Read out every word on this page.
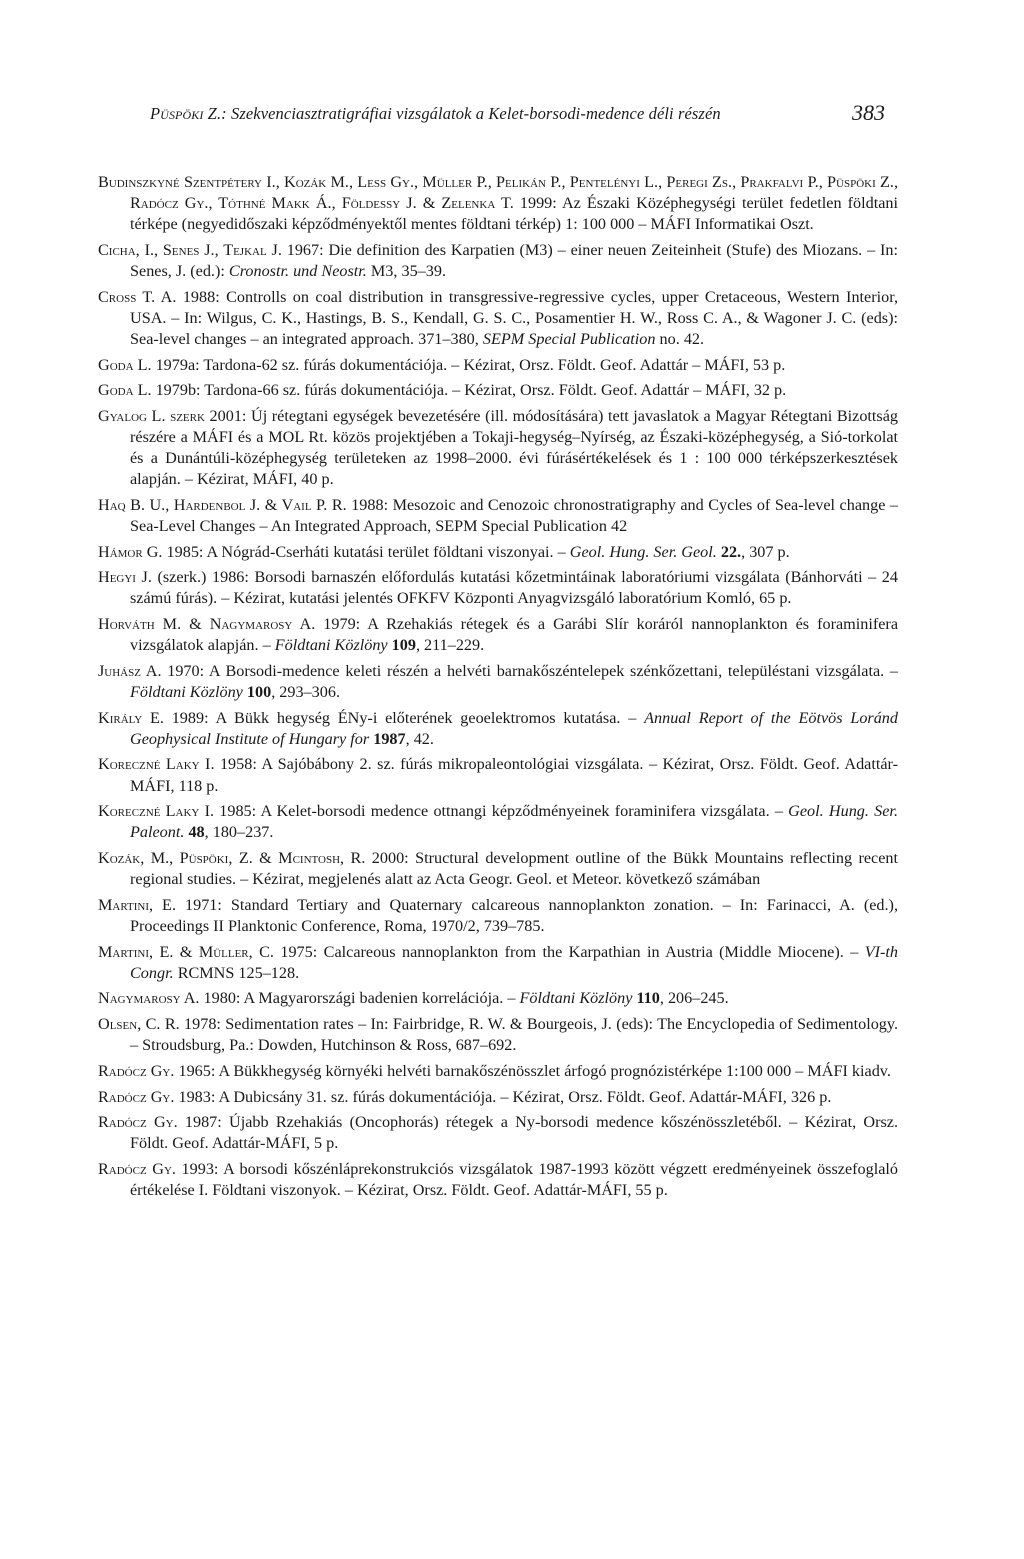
Püspöki Z.: Szekvenciasztratigráfiai vizsgálatok a Kelet-borsodi-medence déli részén	383
Budinszkyné Szentpétery I., Kozák M., Less Gy., Müller P., Pelikán P., Pentelényi L., Peregi Zs., Prakfalvi P., Püspöki Z., Radócz Gy., Tóthné Makk Á., Földessy J. & Zelenka T. 1999: Az Északi Középhegységi terület fedetlen földtani térképe (negyedidőszaki képződményektől mentes földtani térkép) 1: 100 000 – MÁFI Informatikai Oszt.
Cicha, I., Senes J., Tejkal J. 1967: Die definition des Karpatien (M3) – einer neuen Zeiteinheit (Stufe) des Miozans. – In: Senes, J. (ed.): Cronostr. und Neostr. M3, 35–39.
Cross T. A. 1988: Controlls on coal distribution in transgressive-regressive cycles, upper Cretaceous, Western Interior, USA. – In: Wilgus, C. K., Hastings, B. S., Kendall, G. S. C., Posamentier H. W., Ross C. A., & Wagoner J. C. (eds): Sea-level changes – an integrated approach. 371–380, SEPM Special Publication no. 42.
Goda L. 1979a: Tardona-62 sz. fúrás dokumentációja. – Kézirat, Orsz. Földt. Geof. Adattár – MÁFI, 53 p.
Goda L. 1979b: Tardona-66 sz. fúrás dokumentációja. – Kézirat, Orsz. Földt. Geof. Adattár – MÁFI, 32 p.
Gyalog L. szerk 2001: Új rétegtani egységek bevezetésére (ill. módosítására) tett javaslatok a Magyar Rétegtani Bizottság részére a MÁFI és a MOL Rt. közös projektjében a Tokaji-hegység–Nyírség, az Északi-középhegység, a Sió-torkolat és a Dunántúli-középhegység területeken az 1998–2000. évi fúrásértékelések és 1 : 100 000 térképszerkesztések alapján. – Kézirat, MÁFI, 40 p.
Haq B. U., Hardenbol J. & Vail P. R. 1988: Mesozoic and Cenozoic chronostratigraphy and Cycles of Sea-level change – Sea-Level Changes – An Integrated Approach, SEPM Special Publication 42
Hámor G. 1985: A Nógrád-Cserháti kutatási terület földtani viszonyai. – Geol. Hung. Ser. Geol. 22., 307 p.
Hegyi J. (szerk.) 1986: Borsodi barnaszén előfordulás kutatási kőzetmintáinak laboratóriumi vizsgálata (Bánhorváti – 24 számú fúrás). – Kézirat, kutatási jelentés OFKFV Központi Anyagvizsgáló laboratórium Komló, 65 p.
Horváth M. & Nagymarosy A. 1979: A Rzehakiás rétegek és a Garábi Slír koráról nannoplankton és foraminifera vizsgálatok alapján. – Földtani Közlöny 109, 211–229.
Juhász A. 1970: A Borsodi-medence keleti részén a helvéti barnakőszéntelepek szénkőzettani, településtani vizsgálata. – Földtani Közlöny 100, 293–306.
Király E. 1989: A Bükk hegység ÉNy-i előterének geoelektromos kutatása. – Annual Report of the Eötvös Loránd Geophysical Institute of Hungary for 1987, 42.
Koreczné Laky I. 1958: A Sajóbábony 2. sz. fúrás mikropaleontológiai vizsgálata. – Kézirat, Orsz. Földt. Geof. Adattár-MÁFI, 118 p.
Koreczné Laky I. 1985: A Kelet-borsodi medence ottnangi képződményeinek foraminifera vizsgálata. – Geol. Hung. Ser. Paleont. 48, 180–237.
Kozák, M., Püspöki, Z. & Mcintosh, R. 2000: Structural development outline of the Bükk Mountains reflecting recent regional studies. – Kézirat, megjelenés alatt az Acta Geogr. Geol. et Meteor. következő számában
Martini, E. 1971: Standard Tertiary and Quaternary calcareous nannoplankton zonation. – In: Farinacci, A. (ed.), Proceedings II Planktonic Conference, Roma, 1970/2, 739–785.
Martini, E. & Müller, C. 1975: Calcareous nannoplankton from the Karpathian in Austria (Middle Miocene). – VI-th Congr. RCMNS 125–128.
Nagymarosy A. 1980: A Magyarországi badenien korrelációja. – Földtani Közlöny 110, 206–245.
Olsen, C. R. 1978: Sedimentation rates – In: Fairbridge, R. W. & Bourgeois, J. (eds): The Encyclopedia of Sedimentology. – Stroudsburg, Pa.: Dowden, Hutchinson & Ross, 687–692.
Radócz Gy. 1965: A Bükkhegység környéki helvéti barnakőszénösszlet árfogó prognózistérképe 1:100 000 – MÁFI kiadv.
Radócz Gy. 1983: A Dubicsány 31. sz. fúrás dokumentációja. – Kézirat, Orsz. Földt. Geof. Adattár-MÁFI, 326 p.
Radócz Gy. 1987: Újabb Rzehakiás (Oncophorás) rétegek a Ny-borsodi medence kőszénösszletéből. – Kézirat, Orsz. Földt. Geof. Adattár-MÁFI, 5 p.
Radócz Gy. 1993: A borsodi kőszénláprekonstrukciós vizsgálatok 1987-1993 között végzett eredményeinek összefoglaló értékelése I. Földtani viszonyok. – Kézirat, Orsz. Földt. Geof. Adattár-MÁFI, 55 p.
